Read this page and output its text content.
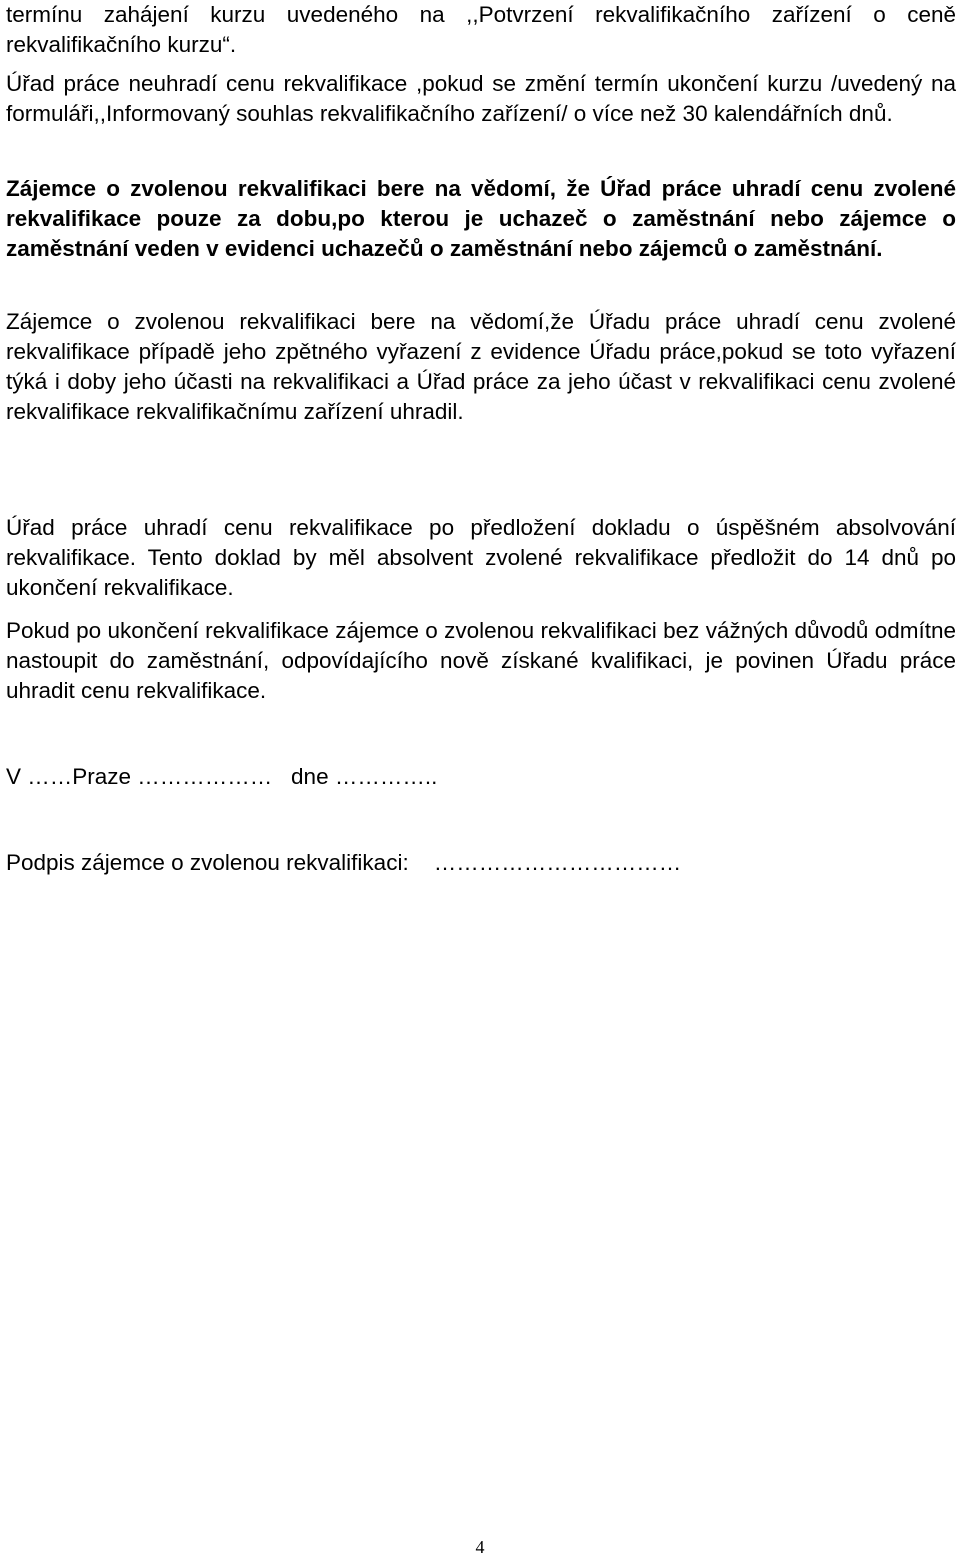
termínu zahájení kurzu uvedeného na ,,Potvrzení rekvalifikačního zařízení o ceně rekvalifikačního kurzu“.

Úřad práce neuhradí cenu rekvalifikace ,pokud se změní termín ukončení kurzu /uvedený na formuláři,,Informovaný souhlas rekvalifikačního zařízení/ o více než 30 kalendářních dnů.

Zájemce o zvolenou rekvalifikaci bere na vědomí, že Úřad práce uhradí cenu zvolené rekvalifikace pouze za dobu,po kterou je uchazeč o zaměstnání nebo zájemce o zaměstnání veden v evidenci uchazečů o zaměstnání nebo zájemců o zaměstnání.

Zájemce o zvolenou rekvalifikaci bere na vědomí,že Úřadu práce uhradí cenu zvolené rekvalifikace případě jeho zpětného vyřazení z evidence Úřadu práce,pokud se toto vyřazení týká i doby jeho účasti na rekvalifikaci a Úřad práce za jeho účast v rekvalifikaci cenu zvolené rekvalifikace rekvalifikačnímu zařízení uhradil.

Úřad práce uhradí cenu rekvalifikace po předložení dokladu o úspěšném absolvování rekvalifikace. Tento doklad by měl absolvent zvolené rekvalifikace předložit do 14 dnů po ukončení rekvalifikace.

Pokud po ukončení rekvalifikace zájemce o zvolenou rekvalifikaci bez vážných důvodů odmítne nastoupit do zaměstnání, odpovídajícího nově získané kvalifikaci, je povinen Úřadu práce uhradit cenu rekvalifikace.

V ……Praze ………………   dne …………..
Podpis zájemce o zvolenou rekvalifikaci:    ……………………………
4
